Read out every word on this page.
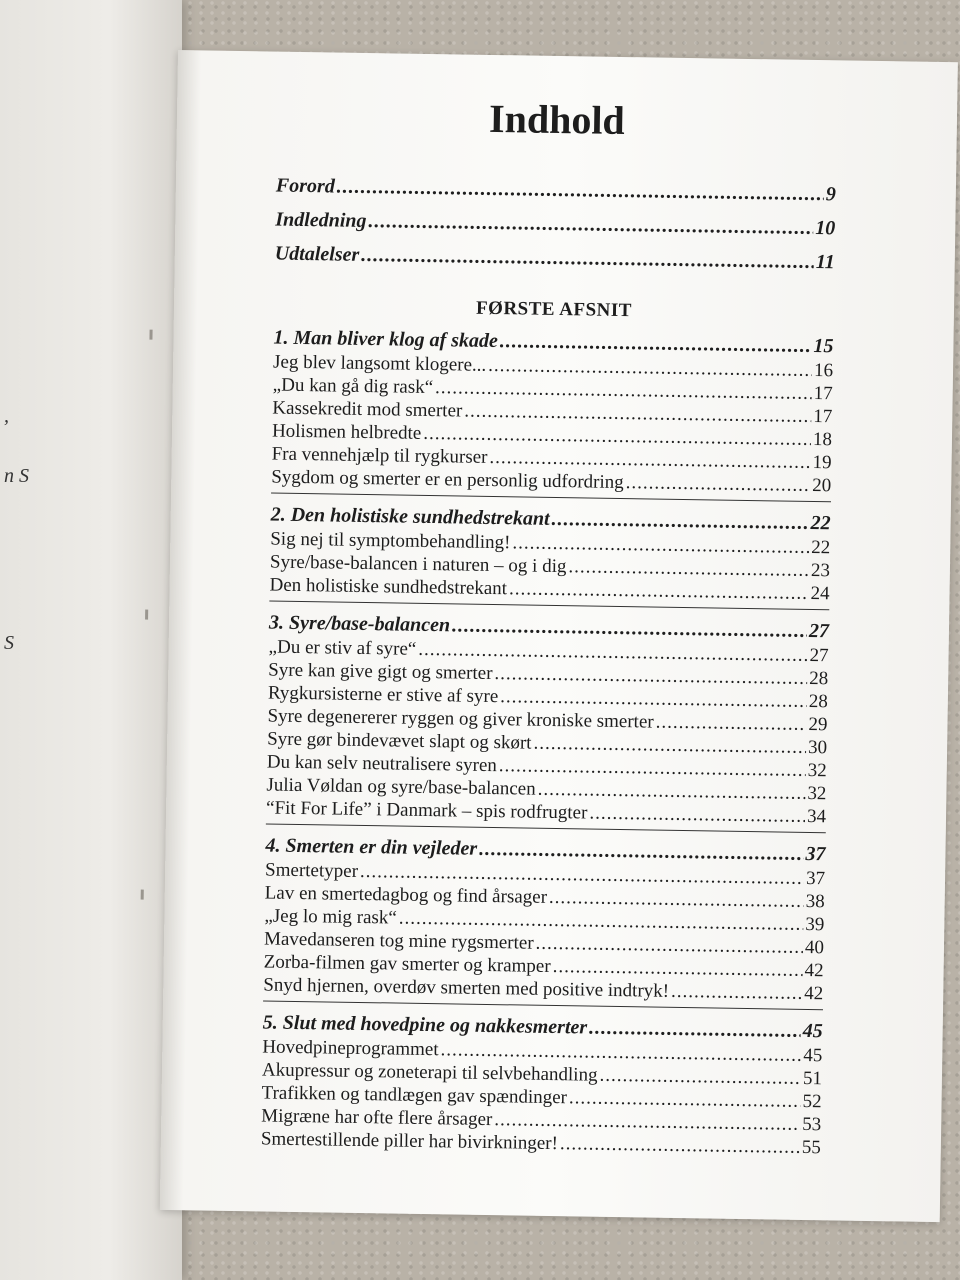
,
n S
S
Indhold
Forord .....	9
Indledning .....	10
Udtalelser .....	11
FØRSTE AFSNIT
1. Man bliver klog af skade .....	15
Jeg blev langsomt klogere... .....	16
„Du kan gå dig rask“ .....	17
Kassekredit mod smerter .....	17
Holismen helbredte .....	18
Fra vennehjælp til rygkurser .....	19
Sygdom og smerter er en personlig udfordring .....	20
2. Den holistiske sundhedstrekant .....	22
Sig nej til symptombehandling! .....	22
Syre/base-balancen i naturen – og i dig .....	23
Den holistiske sundhedstrekant .....	24
3. Syre/base-balancen .....	27
„Du er stiv af syre“ .....	27
Syre kan give gigt og smerter .....	28
Rygkursisterne er stive af syre .....	28
Syre degenererer ryggen og giver kroniske smerter .....	29
Syre gør bindevævet slapt og skørt .....	30
Du kan selv neutralisere syren .....	32
Julia Vøldan og syre/base-balancen .....	32
“Fit For Life” i Danmark – spis rodfrugter .....	34
4. Smerten er din vejleder .....	37
Smertetyper .....	37
Lav en smertedagbog og find årsager .....	38
„Jeg lo mig rask“ .....	39
Mavedanseren tog mine rygsmerter .....	40
Zorba-filmen gav smerter og kramper .....	42
Snyd hjernen, overdøv smerten med positive indtryk! .....	42
5. Slut med hovedpine og nakkesmerter .....	45
Hovedpineprogrammet .....	45
Akupressur og zoneterapi til selvbehandling .....	51
Trafikken og tandlægen gav spændinger .....	52
Migræne har ofte flere årsager .....	53
Smertestillende piller har bivirkninger! .....	55
